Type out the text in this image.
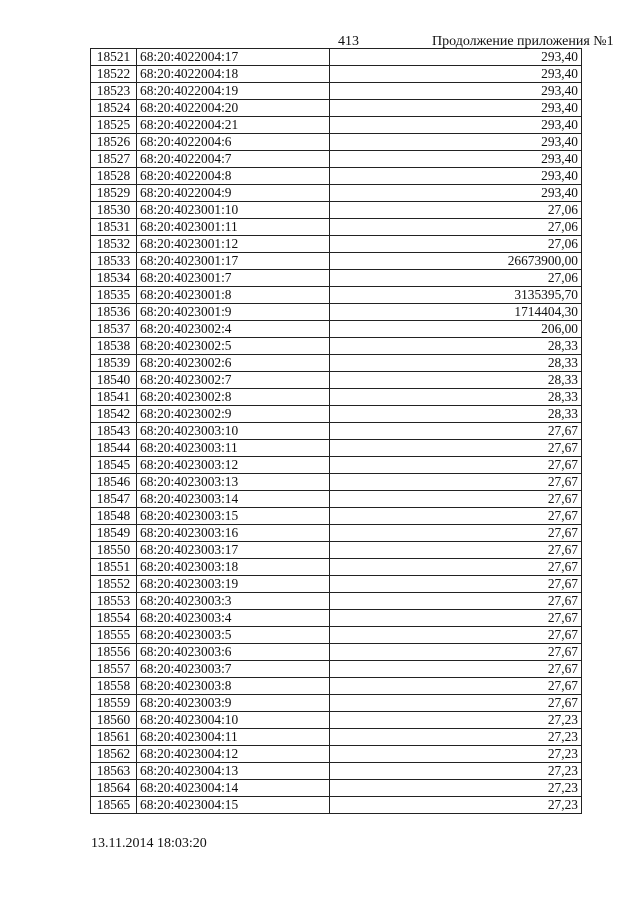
413	Продолжение приложения №1
18521	68:20:4022004:17	293,40
18522	68:20:4022004:18	293,40
18523	68:20:4022004:19	293,40
18524	68:20:4022004:20	293,40
18525	68:20:4022004:21	293,40
18526	68:20:4022004:6	293,40
18527	68:20:4022004:7	293,40
18528	68:20:4022004:8	293,40
18529	68:20:4022004:9	293,40
18530	68:20:4023001:10	27,06
18531	68:20:4023001:11	27,06
18532	68:20:4023001:12	27,06
18533	68:20:4023001:17	26673900,00
18534	68:20:4023001:7	27,06
18535	68:20:4023001:8	3135395,70
18536	68:20:4023001:9	1714404,30
18537	68:20:4023002:4	206,00
18538	68:20:4023002:5	28,33
18539	68:20:4023002:6	28,33
18540	68:20:4023002:7	28,33
18541	68:20:4023002:8	28,33
18542	68:20:4023002:9	28,33
18543	68:20:4023003:10	27,67
18544	68:20:4023003:11	27,67
18545	68:20:4023003:12	27,67
18546	68:20:4023003:13	27,67
18547	68:20:4023003:14	27,67
18548	68:20:4023003:15	27,67
18549	68:20:4023003:16	27,67
18550	68:20:4023003:17	27,67
18551	68:20:4023003:18	27,67
18552	68:20:4023003:19	27,67
18553	68:20:4023003:3	27,67
18554	68:20:4023003:4	27,67
18555	68:20:4023003:5	27,67
18556	68:20:4023003:6	27,67
18557	68:20:4023003:7	27,67
18558	68:20:4023003:8	27,67
18559	68:20:4023003:9	27,67
18560	68:20:4023004:10	27,23
18561	68:20:4023004:11	27,23
18562	68:20:4023004:12	27,23
18563	68:20:4023004:13	27,23
18564	68:20:4023004:14	27,23
18565	68:20:4023004:15	27,23
13.11.2014 18:03:20
